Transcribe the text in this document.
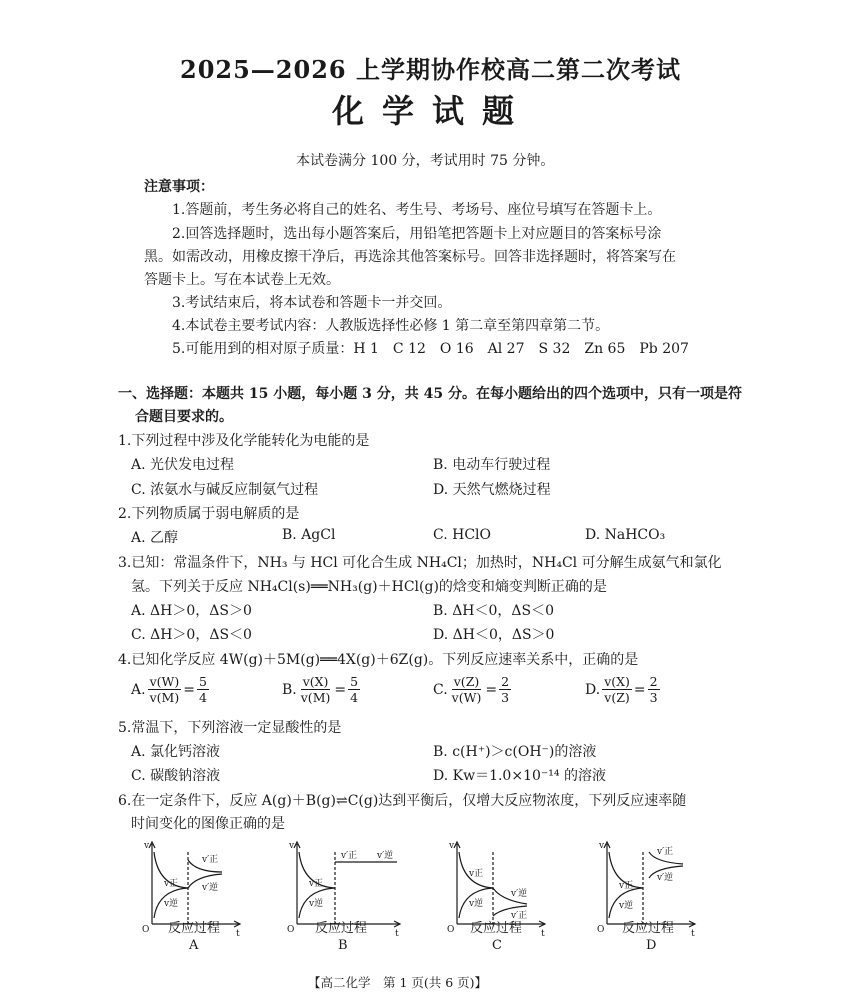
2025—2026 上学期协作校高二第二次考试
化学试题
本试卷满分 100 分，考试用时 75 分钟。
注意事项：
1.答题前，考生务必将自己的姓名、考生号、考场号、座位号填写在答题卡上。
2.回答选择题时，选出每小题答案后，用铅笔把答题卡上对应题目的答案标号涂
黑。如需改动，用橡皮擦干净后，再选涂其他答案标号。回答非选择题时，将答案写在
答题卡上。写在本试卷上无效。
3.考试结束后，将本试卷和答题卡一并交回。
4.本试卷主要考试内容：人教版选择性必修 1 第二章至第四章第二节。
5.可能用到的相对原子质量：H 1　C 12　O 16　Al 27　S 32　Zn 65　Pb 207
一、选择题：本题共 15 小题，每小题 3 分，共 45 分。在每小题给出的四个选项中，只有一项是符
合题目要求的。
1.下列过程中涉及化学能转化为电能的是
A. 光伏发电过程	B. 电动车行驶过程
C. 浓氨水与碱反应制氨气过程	D. 天然气燃烧过程
2.下列物质属于弱电解质的是
A. 乙醇	B. AgCl	C. HClO	D. NaHCO₃
3.已知：常温条件下，NH₃ 与 HCl 可化合生成 NH₄Cl；加热时，NH₄Cl 可分解生成氨气和氯化
氢。下列关于反应 NH₄Cl(s)══NH₃(g)＋HCl(g)的焓变和熵变判断正确的是
A. ΔH＞0，ΔS＞0	B. ΔH＜0，ΔS＜0
C. ΔH＞0，ΔS＜0	D. ΔH＜0，ΔS＞0
4.已知化学反应 4W(g)＋5M(g)══4X(g)＋6Z(g)。下列反应速率关系中，正确的是
A. $\frac{v(W)}{v(M)} = \frac{5}{4}$	B. $\frac{v(X)}{v(M)} = \frac{5}{4}$	C. $\frac{v(Z)}{v(W)} = \frac{2}{3}$	D. $\frac{v(X)}{v(Z)} = \frac{2}{3}$
5.常温下，下列溶液一定显酸性的是
A. 氯化钙溶液	B. c(H⁺)＞c(OH⁻)的溶液
C. 碳酸钠溶液	D. Kw＝1.0×10⁻¹⁴ 的溶液
6.在一定条件下，反应 A(g)＋B(g)⇌C(g)达到平衡后，仅增大反应物浓度，下列反应速率随
时间变化的图像正确的是
v
O	t
v正
v逆
v′正
v′逆
反应过程
A
v
O	t
v正
v逆
v′正 v′逆
反应过程
B
v
O	t
v正
v逆
v′逆
v′正
反应过程
C
v
O	t
v正
v逆
v′正
v′逆
反应过程
D
【高二化学　第 1 页(共 6 页)】
